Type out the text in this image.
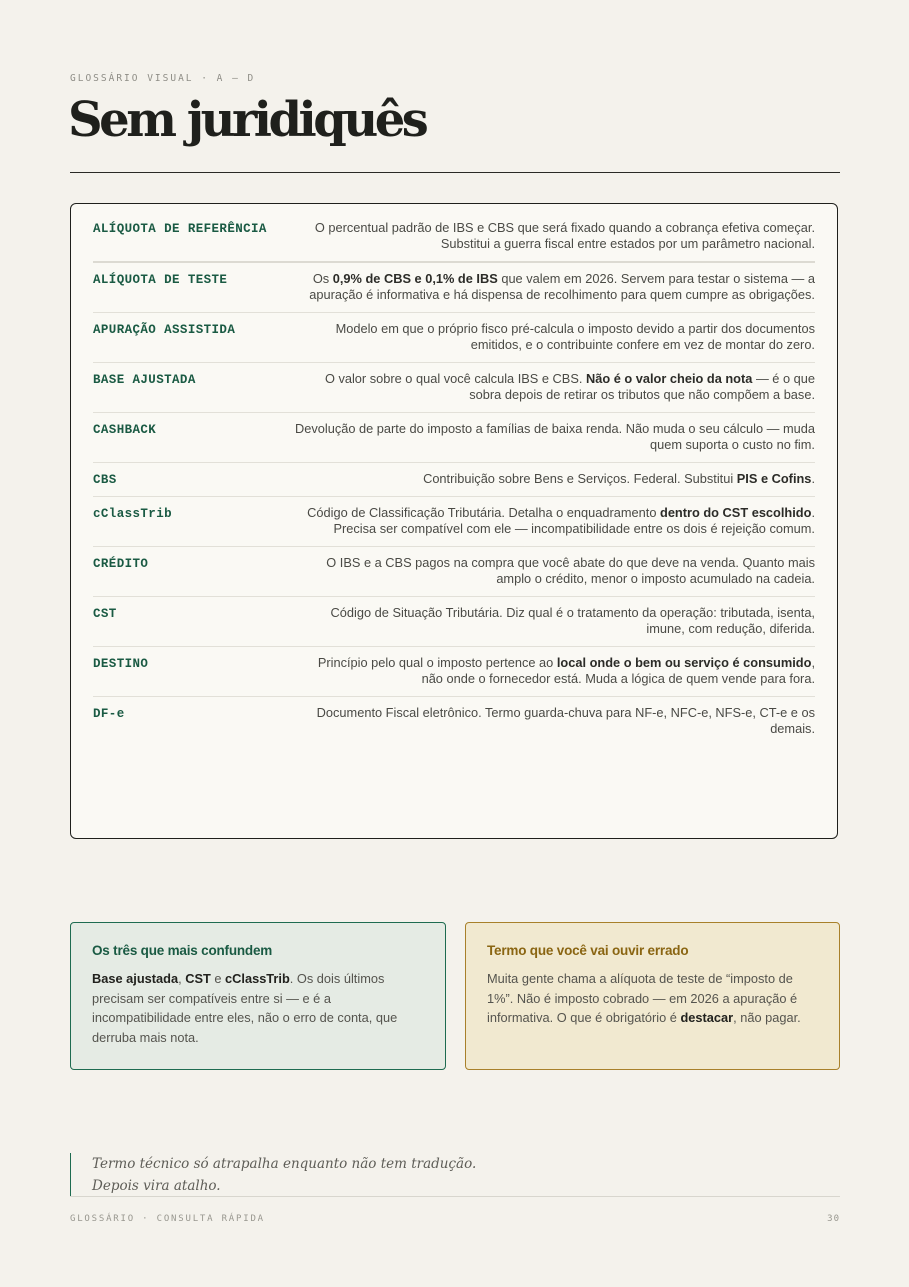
GLOSSÁRIO VISUAL · A — D
Sem juridiquês
ALÍQUOTA DE REFERÊNCIA	O percentual padrão de IBS e CBS que será fixado quando a cobrança efetiva começar. Substitui a guerra fiscal entre estados por um parâmetro nacional.
ALÍQUOTA DE TESTE	Os 0,9% de CBS e 0,1% de IBS que valem em 2026. Servem para testar o sistema — a apuração é informativa e há dispensa de recolhimento para quem cumpre as obrigações.
APURAÇÃO ASSISTIDA	Modelo em que o próprio fisco pré-calcula o imposto devido a partir dos documentos emitidos, e o contribuinte confere em vez de montar do zero.
BASE AJUSTADA	O valor sobre o qual você calcula IBS e CBS. Não é o valor cheio da nota — é o que sobra depois de retirar os tributos que não compõem a base.
CASHBACK	Devolução de parte do imposto a famílias de baixa renda. Não muda o seu cálculo — muda quem suporta o custo no fim.
CBS	Contribuição sobre Bens e Serviços. Federal. Substitui PIS e Cofins.
cClassTrib	Código de Classificação Tributária. Detalha o enquadramento dentro do CST escolhido. Precisa ser compatível com ele — incompatibilidade entre os dois é rejeição comum.
CRÉDITO	O IBS e a CBS pagos na compra que você abate do que deve na venda. Quanto mais amplo o crédito, menor o imposto acumulado na cadeia.
CST	Código de Situação Tributária. Diz qual é o tratamento da operação: tributada, isenta, imune, com redução, diferida.
DESTINO	Princípio pelo qual o imposto pertence ao local onde o bem ou serviço é consumido, não onde o fornecedor está. Muda a lógica de quem vende para fora.
DF-e	Documento Fiscal eletrônico. Termo guarda-chuva para NF-e, NFC-e, NFS-e, CT-e e os demais.
Os três que mais confundem

Base ajustada, CST e cClassTrib. Os dois últimos precisam ser compatíveis entre si — e é a incompatibilidade entre eles, não o erro de conta, que derruba mais nota.

Termo que você vai ouvir errado

Muita gente chama a alíquota de teste de “imposto de 1%”. Não é imposto cobrado — em 2026 a apuração é informativa. O que é obrigatório é destacar, não pagar.

Termo técnico só atrapalha enquanto não tem tradução.
Depois vira atalho.
GLOSSÁRIO · CONSULTA RÁPIDA	30
